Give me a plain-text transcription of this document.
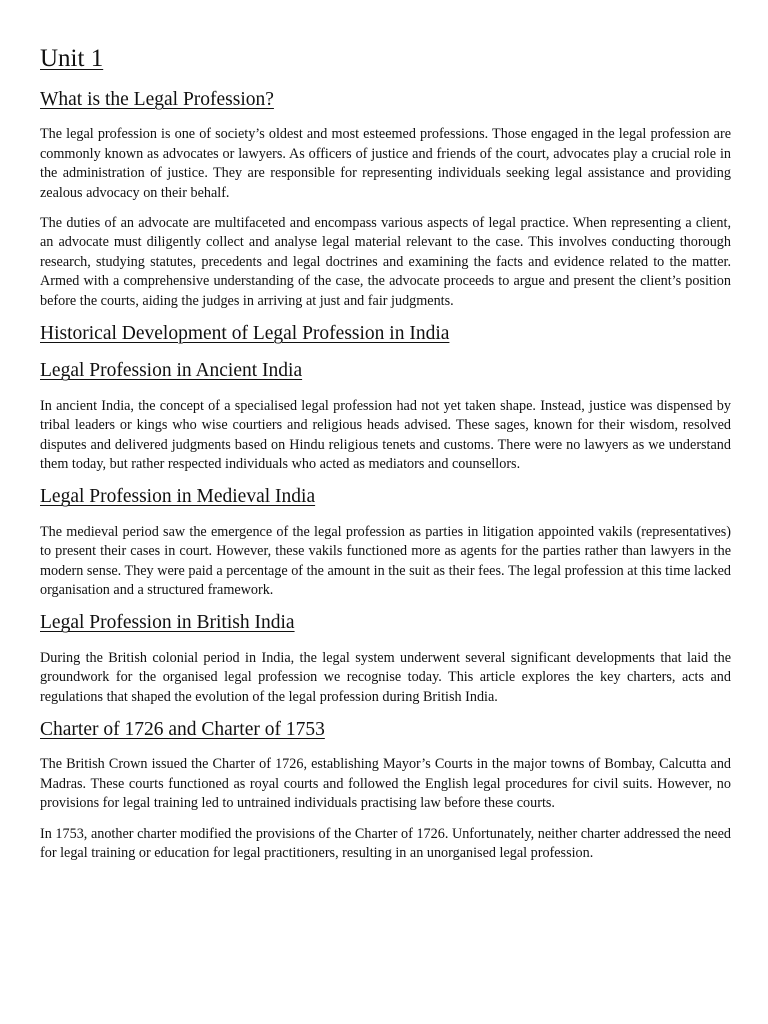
Unit 1
What is the Legal Profession?

The legal profession is one of society’s oldest and most esteemed professions. Those engaged in the legal profession are commonly known as advocates or lawyers. As officers of justice and friends of the court, advocates play a crucial role in the administration of justice. They are responsible for representing individuals seeking legal assistance and providing zealous advocacy on their behalf.

The duties of an advocate are multifaceted and encompass various aspects of legal practice. When representing a client, an advocate must diligently collect and analyse legal material relevant to the case. This involves conducting thorough research, studying statutes, precedents and legal doctrines and examining the facts and evidence related to the matter. Armed with a comprehensive understanding of the case, the advocate proceeds to argue and present the client’s position before the courts, aiding the judges in arriving at just and fair judgments.

Historical Development of Legal Profession in India
Legal Profession in Ancient India

In ancient India, the concept of a specialised legal profession had not yet taken shape. Instead, justice was dispensed by tribal leaders or kings who wise courtiers and religious heads advised. These sages, known for their wisdom, resolved disputes and delivered judgments based on Hindu religious tenets and customs. There were no lawyers as we understand them today, but rather respected individuals who acted as mediators and counsellors.

Legal Profession in Medieval India

The medieval period saw the emergence of the legal profession as parties in litigation appointed vakils (representatives) to present their cases in court. However, these vakils functioned more as agents for the parties rather than lawyers in the modern sense. They were paid a percentage of the amount in the suit as their fees. The legal profession at this time lacked organisation and a structured framework.

Legal Profession in British India

During the British colonial period in India, the legal system underwent several significant developments that laid the groundwork for the organised legal profession we recognise today. This article explores the key charters, acts and regulations that shaped the evolution of the legal profession during British India.

Charter of 1726 and Charter of 1753

The British Crown issued the Charter of 1726, establishing Mayor’s Courts in the major towns of Bombay, Calcutta and Madras. These courts functioned as royal courts and followed the English legal procedures for civil suits. However, no provisions for legal training led to untrained individuals practising law before these courts.

In 1753, another charter modified the provisions of the Charter of 1726. Unfortunately, neither charter addressed the need for legal training or education for legal practitioners, resulting in an unorganised legal profession.
